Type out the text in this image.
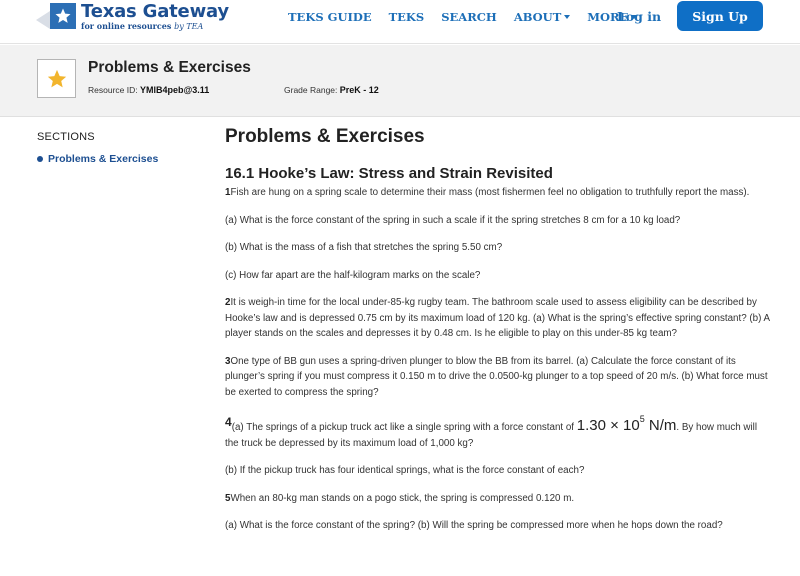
Texas Gateway
for online resources by TEA
TEKS GUIDE TEKS SEARCH ABOUT	MORE
Log in	Sign Up
Problems & Exercises
Resource ID: YMlB4peb@3.11	Grade Range: PreK - 12
SECTIONS
Problems & Exercises
Problems & Exercises
16.1 Hooke’s Law: Stress and Strain Revisited

1Fish are hung on a spring scale to determine their mass (most fishermen feel no obligation to truthfully report the mass).

(a) What is the force constant of the spring in such a scale if it the spring stretches 8 cm for a 10 kg load?

(b) What is the mass of a fish that stretches the spring 5.50 cm?

(c) How far apart are the half-kilogram marks on the scale?

2It is weigh-in time for the local under-85-kg rugby team. The bathroom scale used to assess eligibility can be described by Hooke’s law and is depressed 0.75 cm by its maximum load of 120 kg. (a) What is the spring’s effective spring constant? (b) A player stands on the scales and depresses it by 0.48 cm. Is he eligible to play on this under-85 kg team?

3One type of BB gun uses a spring-driven plunger to blow the BB from its barrel. (a) Calculate the force constant of its plunger’s spring if you must compress it 0.150 m to drive the 0.0500-kg plunger to a top speed of 20 m/s. (b) What force must be exerted to compress the spring?

4(a) The springs of a pickup truck act like a single spring with a force constant of $1.30 \times 10^5$ N/m. By how much will the truck be depressed by its maximum load of 1,000 kg?

(b) If the pickup truck has four identical springs, what is the force constant of each?

5When an 80-kg man stands on a pogo stick, the spring is compressed 0.120 m.

(a) What is the force constant of the spring? (b) Will the spring be compressed more when he hops down the road?
